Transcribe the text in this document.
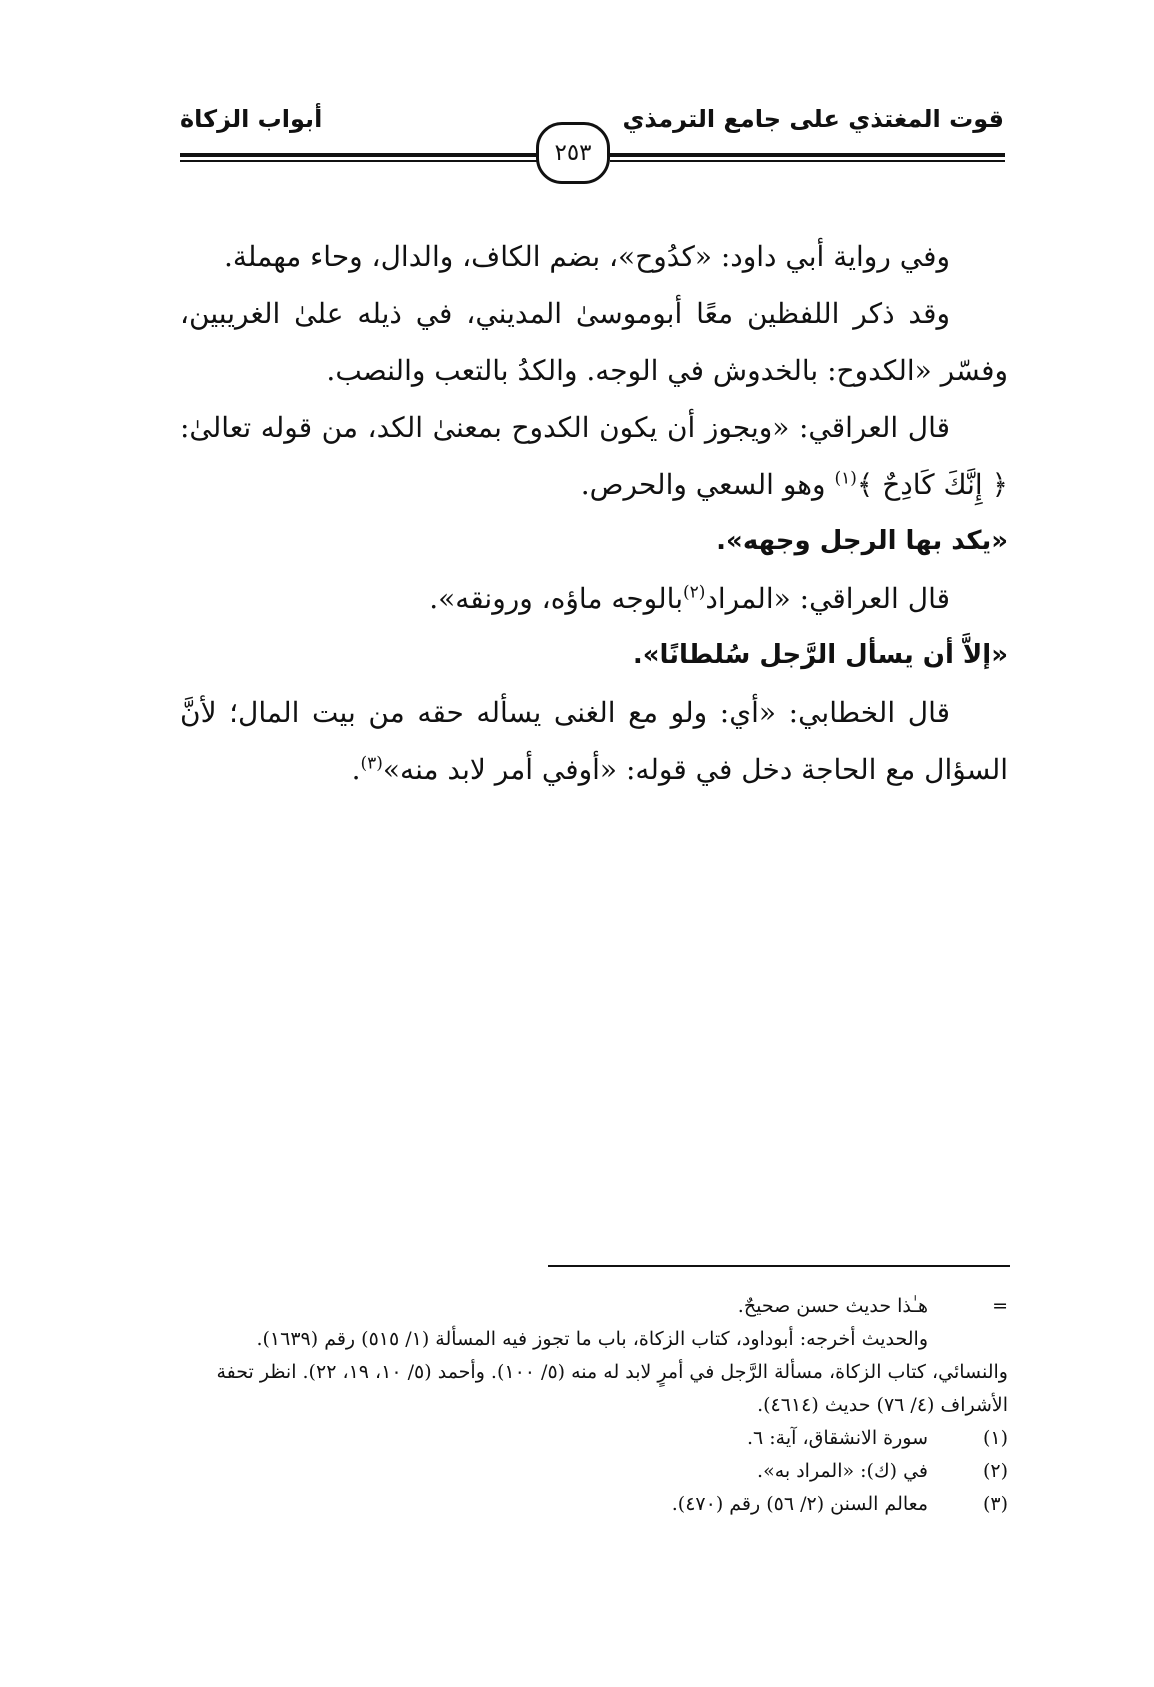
قوت المغتذي على جامع الترمذي
أبواب الزكاة
٢٥٣

وفي رواية أبي داود: «كدُوح»، بضم الكاف، والدال، وحاء مهملة.

وقد ذكر اللفظين معًا أبوموسىٰ المديني، في ذيله علىٰ الغريبين، وفسّر «الكدوح: بالخدوش في الوجه. والكدُ بالتعب والنصب.

قال العراقي: «ويجوز أن يكون الكدوح بمعنىٰ الكد، من قوله تعالىٰ: ﴿ إِنَّكَ كَادِحٌ ﴾$^{(١)}$ وهو السعي والحرص.

«يكد بها الرجل وجهه».

قال العراقي: «المراد$^{(٢)}$بالوجه ماؤه، ورونقه».

«إلاَّ أن يسأل الرَّجل سُلطانًا».

قال الخطابي: «أي: ولو مع الغنى يسأله حقه من بيت المال؛ لأنَّ السؤال مع الحاجة دخل في قوله: «أوفي أمر لابد منه»$^{(٣)}$.

=
هـٰذا حديث حسن صحيحٌ.

والحديث أخرجه: أبوداود، كتاب الزكاة، باب ما تجوز فيه المسألة (١/ ٥١٥) رقم (١٦٣٩). والنسائي، كتاب الزكاة، مسألة الرَّجل في أمرٍ لابد له منه (٥/ ١٠٠). وأحمد (٥/ ١٠، ١٩، ٢٢). انظر تحفة الأشراف (٤/ ٧٦) حديث (٤٦١٤).

(١)
سورة الانشقاق، آية: ٦.

(٢)
في (ك): «المراد به».

(٣)
معالم السنن (٢/ ٥٦) رقم (٤٧٠).
